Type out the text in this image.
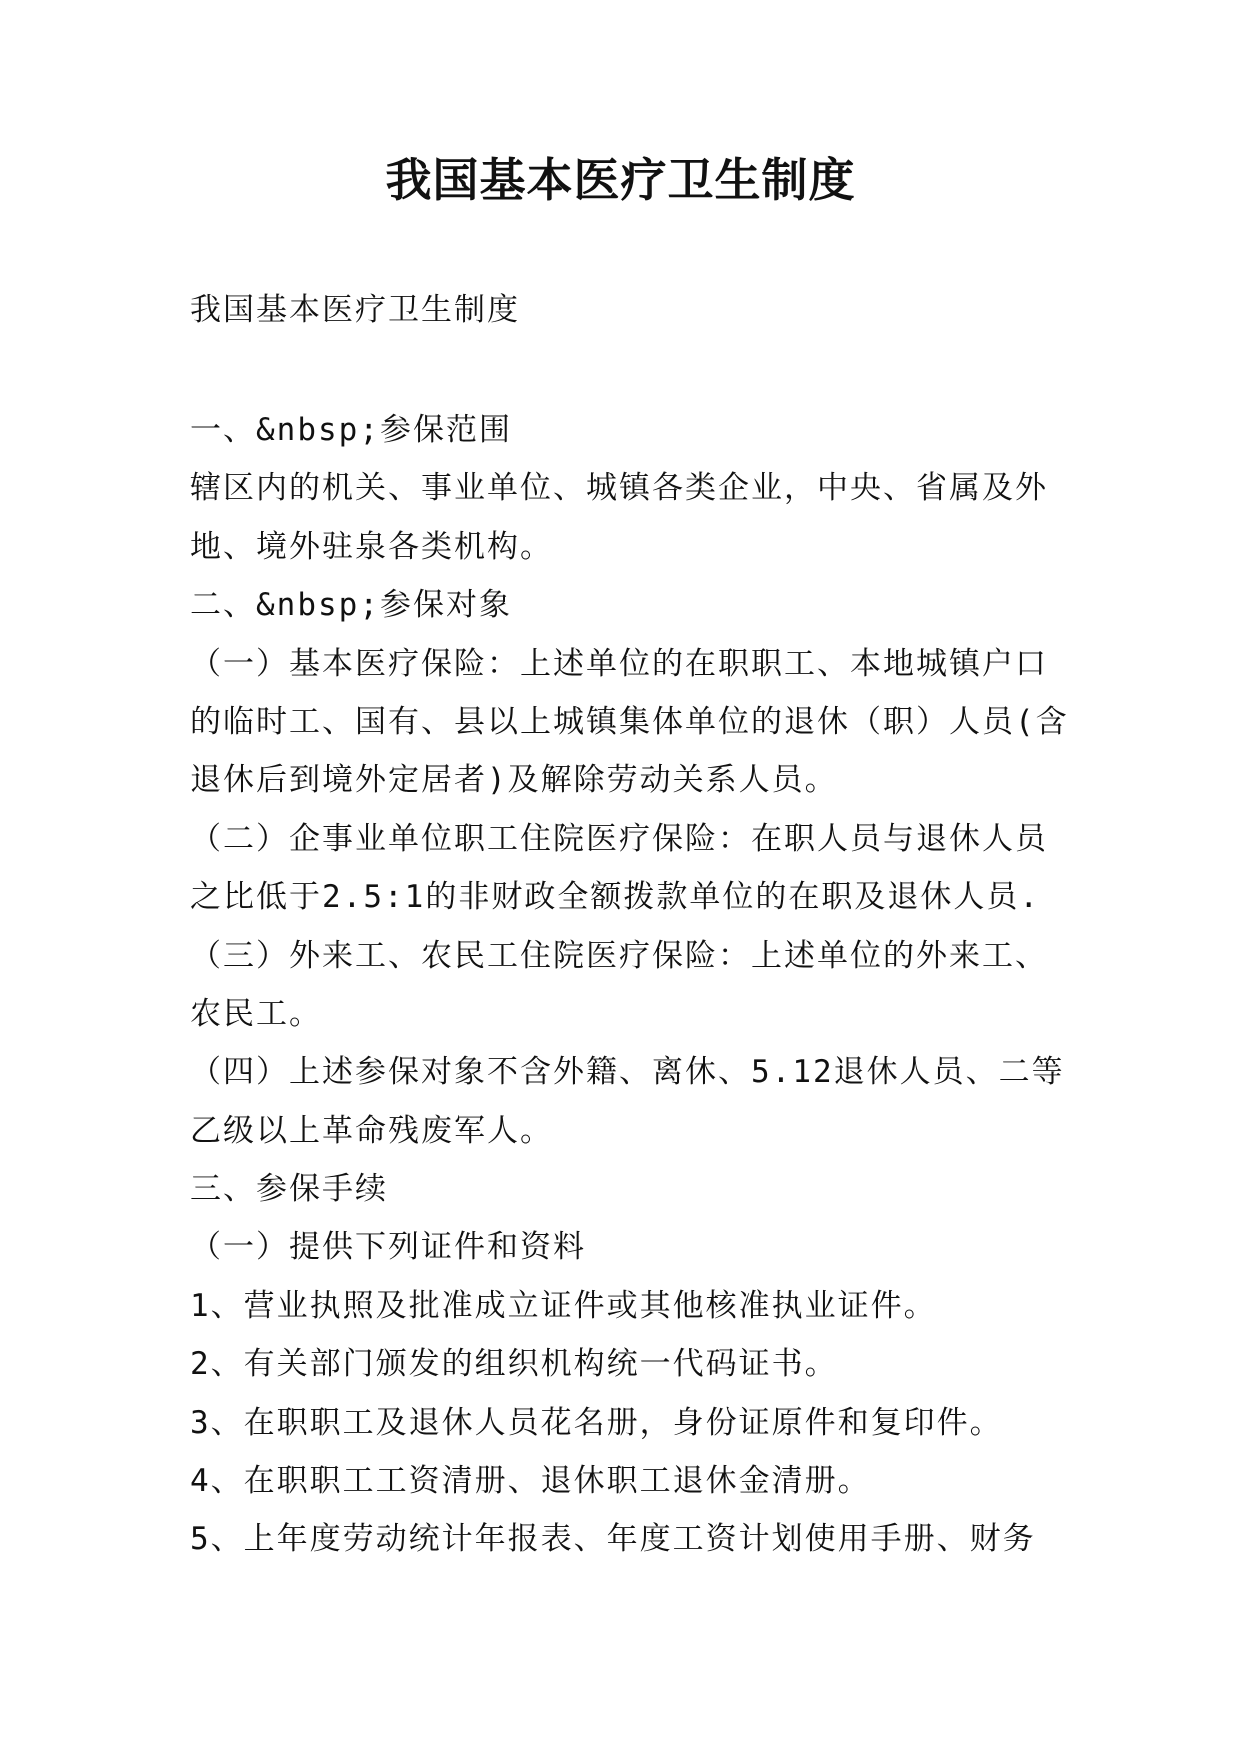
我国基本医疗卫生制度

我国基本医疗卫生制度

一、&nbsp;参保范围
辖区内的机关、事业单位、城镇各类企业，中央、省属及外
地、境外驻泉各类机构。
二、&nbsp;参保对象
（一）基本医疗保险：上述单位的在职职工、本地城镇户口
的临时工、国有、县以上城镇集体单位的退休（职）人员(含
退休后到境外定居者)及解除劳动关系人员。
（二）企事业单位职工住院医疗保险：在职人员与退休人员
之比低于2.5:1的非财政全额拨款单位的在职及退休人员.
（三）外来工、农民工住院医疗保险：上述单位的外来工、
农民工。
（四）上述参保对象不含外籍、离休、5.12退休人员、二等
乙级以上革命残废军人。
三、参保手续
（一）提供下列证件和资料
1、营业执照及批准成立证件或其他核准执业证件。
2、有关部门颁发的组织机构统一代码证书。
3、在职职工及退休人员花名册，身份证原件和复印件。
4、在职职工工资清册、退休职工退休金清册。
5、上年度劳动统计年报表、年度工资计划使用手册、财务
